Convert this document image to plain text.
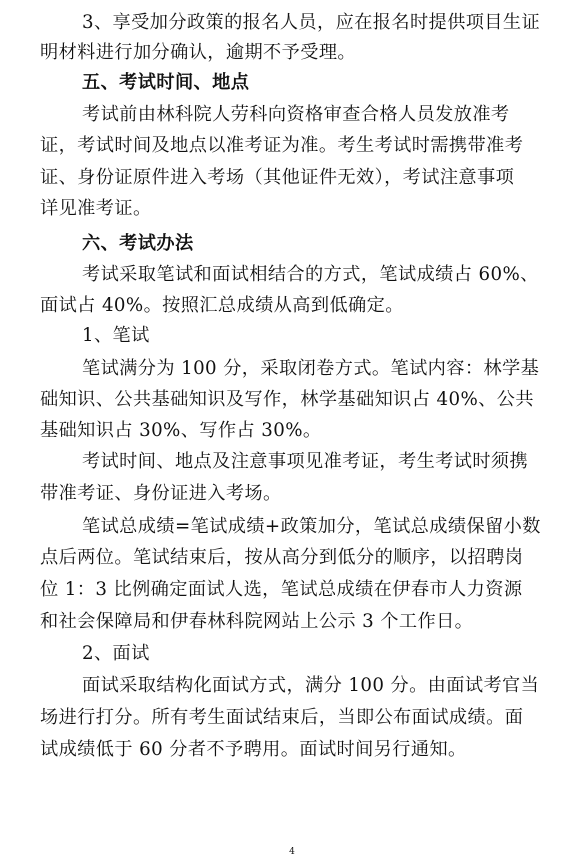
3、享受加分政策的报名人员，应在报名时提供项目生证
明材料进行加分确认，逾期不予受理。
五、考试时间、地点
考试前由林科院人劳科向资格审查合格人员发放准考
证，考试时间及地点以准考证为准。考生考试时需携带准考
证、身份证原件进入考场（其他证件无效），考试注意事项
详见准考证。
六、考试办法
考试采取笔试和面试相结合的方式，笔试成绩占 60%、
面试占 40%。按照汇总成绩从高到低确定。
1、笔试
笔试满分为 100 分，采取闭卷方式。笔试内容：林学基
础知识、公共基础知识及写作，林学基础知识占 40%、公共
基础知识占 30%、写作占 30%。
考试时间、地点及注意事项见准考证，考生考试时须携
带准考证、身份证进入考场。
笔试总成绩=笔试成绩+政策加分，笔试总成绩保留小数
点后两位。笔试结束后，按从高分到低分的顺序，以招聘岗
位 1：3 比例确定面试人选，笔试总成绩在伊春市人力资源
和社会保障局和伊春林科院网站上公示 3 个工作日。
2、面试
面试采取结构化面试方式，满分 100 分。由面试考官当
场进行打分。所有考生面试结束后，当即公布面试成绩。面
试成绩低于 60 分者不予聘用。面试时间另行通知。
4
